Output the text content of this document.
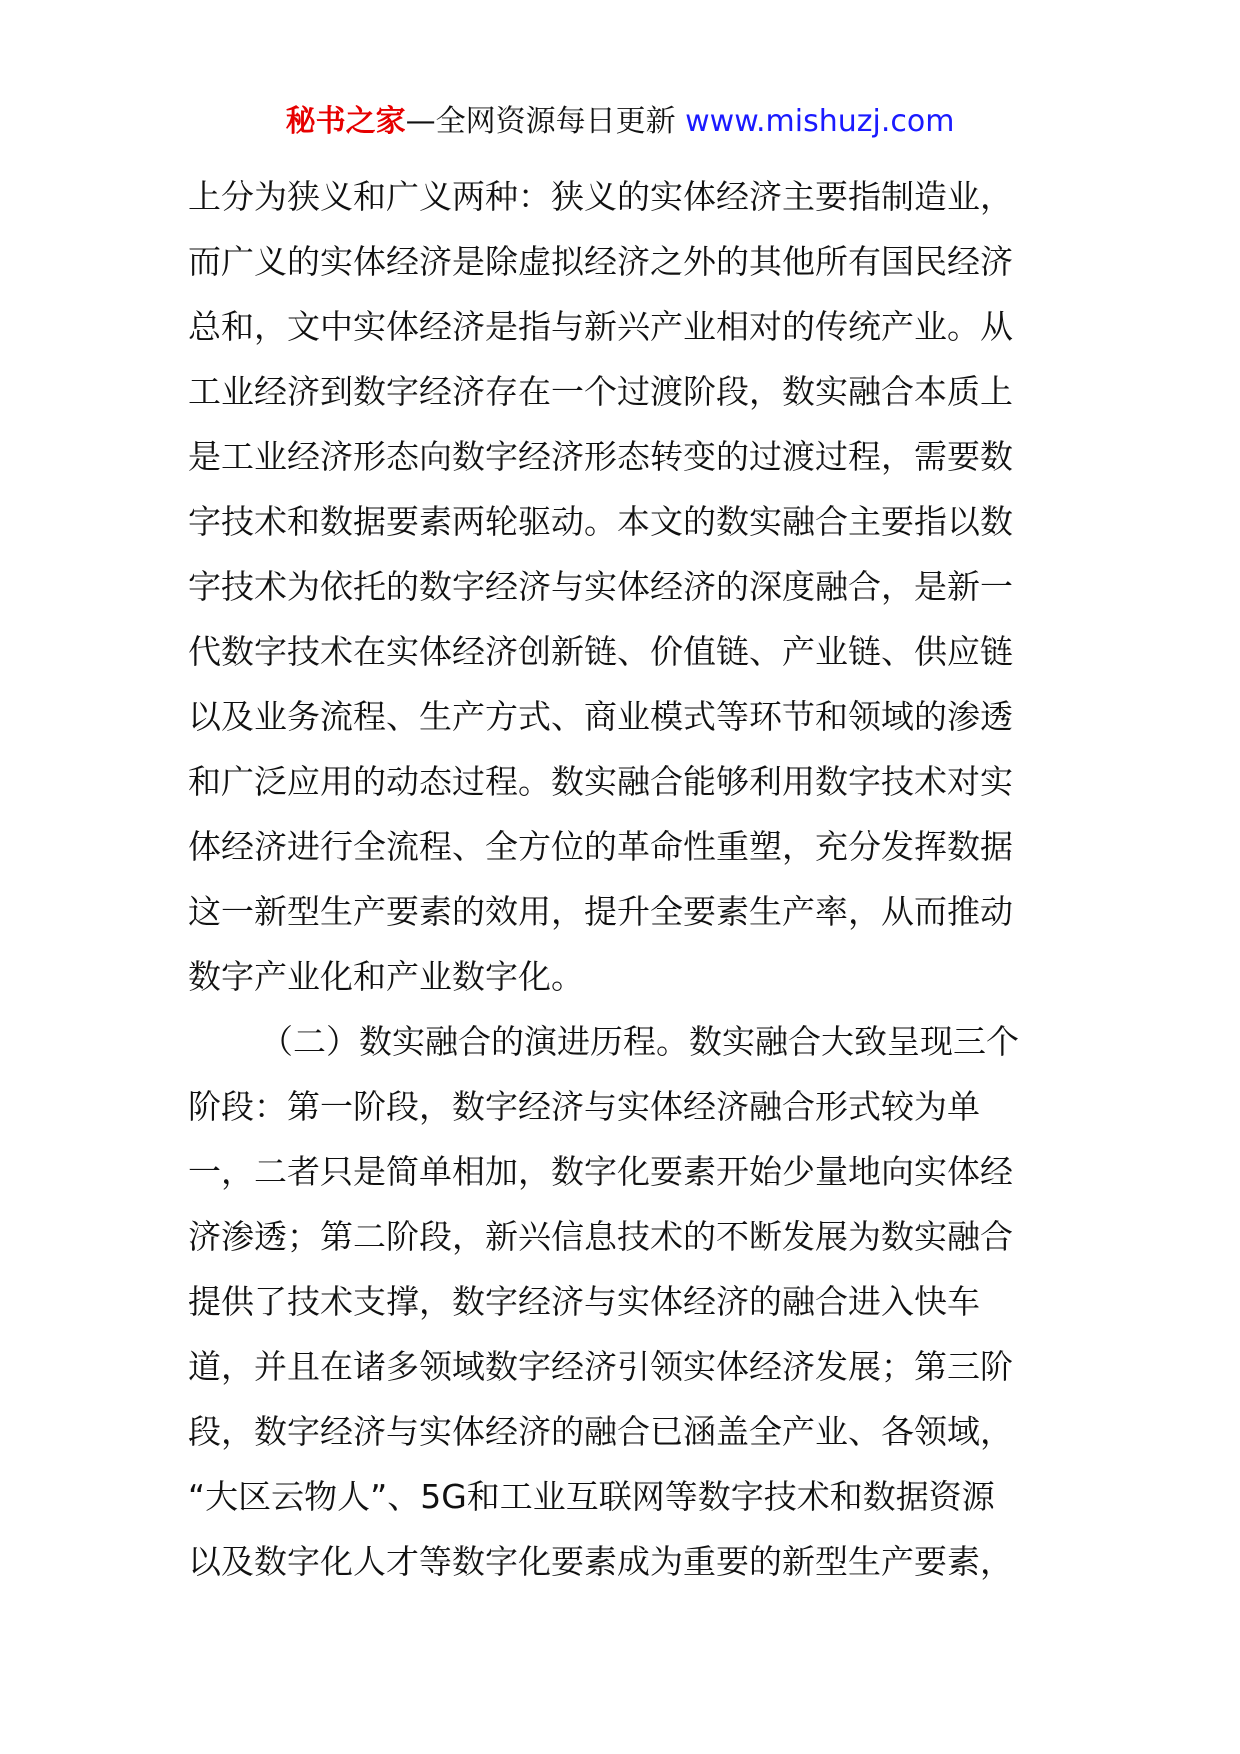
秘书之家—全网资源每日更新 www.mishuzj.com
上分为狭义和广义两种：狭义的实体经济主要指制造业，
而广义的实体经济是除虚拟经济之外的其他所有国民经济
总和，文中实体经济是指与新兴产业相对的传统产业。从
工业经济到数字经济存在一个过渡阶段，数实融合本质上
是工业经济形态向数字经济形态转变的过渡过程，需要数
字技术和数据要素两轮驱动。本文的数实融合主要指以数
字技术为依托的数字经济与实体经济的深度融合，是新一
代数字技术在实体经济创新链、价值链、产业链、供应链
以及业务流程、生产方式、商业模式等环节和领域的渗透
和广泛应用的动态过程。数实融合能够利用数字技术对实
体经济进行全流程、全方位的革命性重塑，充分发挥数据
这一新型生产要素的效用，提升全要素生产率，从而推动
数字产业化和产业数字化。
（二）数实融合的演进历程。数实融合大致呈现三个
阶段：第一阶段，数字经济与实体经济融合形式较为单
一，二者只是简单相加，数字化要素开始少量地向实体经
济渗透；第二阶段，新兴信息技术的不断发展为数实融合
提供了技术支撑，数字经济与实体经济的融合进入快车
道，并且在诸多领域数字经济引领实体经济发展；第三阶
段，数字经济与实体经济的融合已涵盖全产业、各领域，
“大区云物人”、5G和工业互联网等数字技术和数据资源
以及数字化人才等数字化要素成为重要的新型生产要素，
